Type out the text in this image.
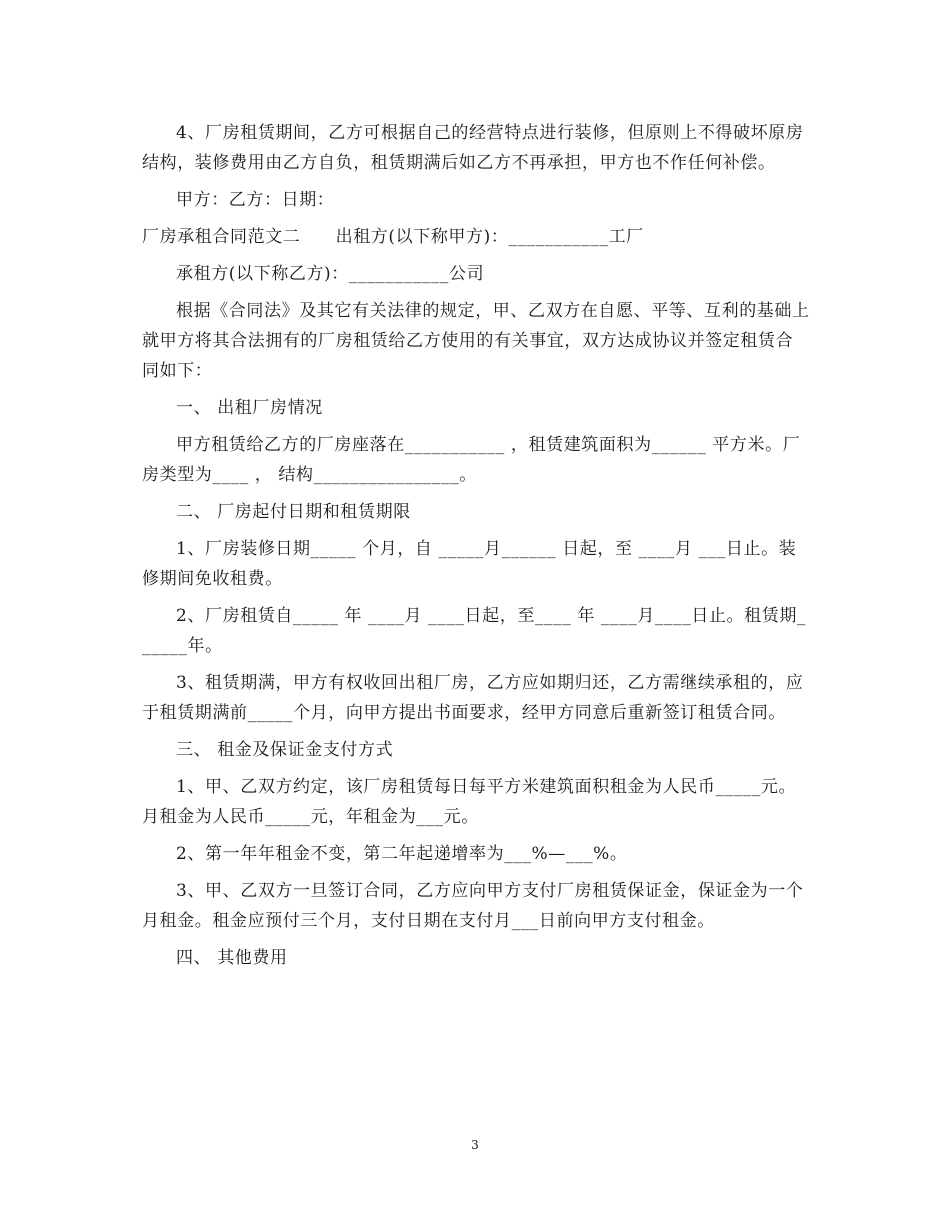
4、厂房租赁期间，乙方可根据自己的经营特点进行装修，但原则上不得破坏原房结构，装修费用由乙方自负，租赁期满后如乙方不再承担，甲方也不作任何补偿。

甲方：乙方：日期：

厂房承租合同范文二　　出租方(以下称甲方)：___________工厂

承租方(以下称乙方)：___________公司

根据《合同法》及其它有关法律的规定，甲、乙双方在自愿、平等、互利的基础上就甲方将其合法拥有的厂房租赁给乙方使用的有关事宜，双方达成协议并签定租赁合同如下：

一、 出租厂房情况

甲方租赁给乙方的厂房座落在___________ ，租赁建筑面积为______ 平方米。厂房类型为____ ， 结构________________。

二、 厂房起付日期和租赁期限

1、厂房装修日期_____ 个月，自 _____月______ 日起，至 ____月 ___日止。装修期间免收租费。

2、厂房租赁自_____ 年 ____月 ____日起，至____ 年 ____月____日止。租赁期______年。

3、租赁期满，甲方有权收回出租厂房，乙方应如期归还，乙方需继续承租的，应于租赁期满前_____个月，向甲方提出书面要求，经甲方同意后重新签订租赁合同。

三、 租金及保证金支付方式

1、甲、乙双方约定，该厂房租赁每日每平方米建筑面积租金为人民币_____元。月租金为人民币_____元，年租金为___元。

2、第一年年租金不变，第二年起递增率为___%—___%。

3、甲、乙双方一旦签订合同，乙方应向甲方支付厂房租赁保证金，保证金为一个月租金。租金应预付三个月，支付日期在支付月___日前向甲方支付租金。

四、 其他费用

3
